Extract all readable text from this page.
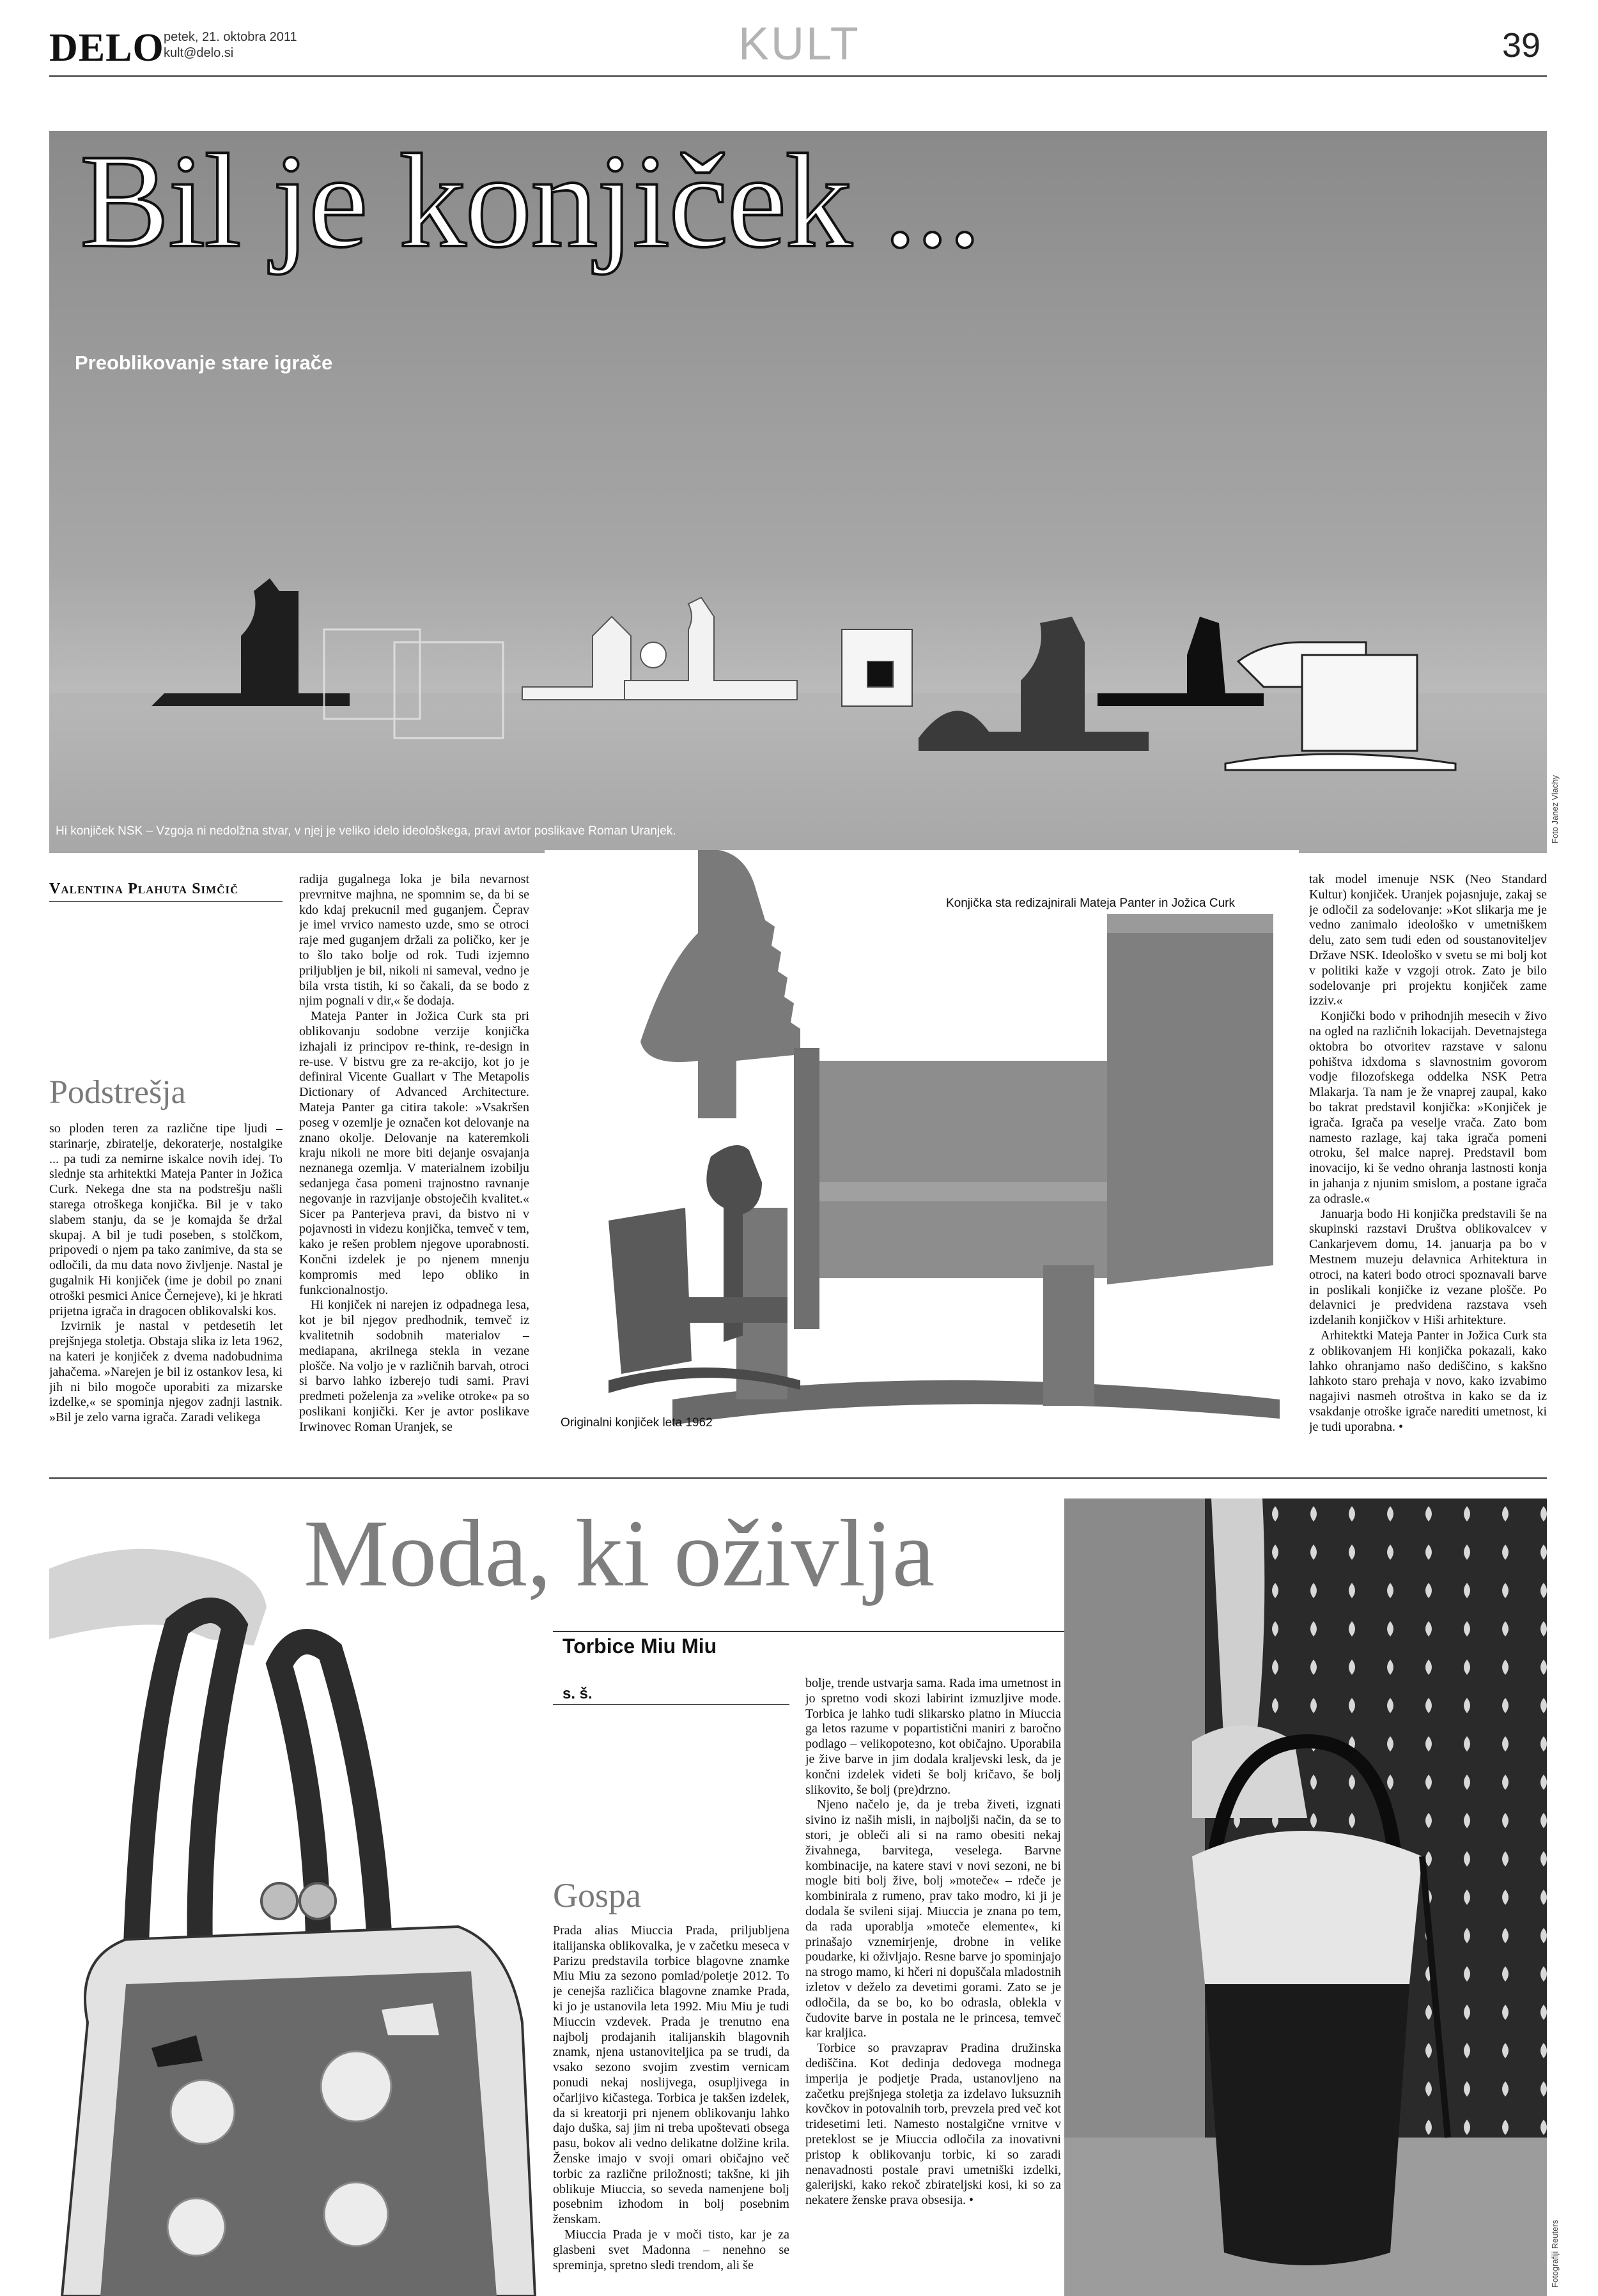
DELO petek, 21. oktobra 2011
kult@delo.si	KULT	39
Bil je konjiček ...
Preoblikovanje stare igrače
Hi konjiček NSK – Vzgoja ni nedolžna stvar, v njej je veliko idelo ideološkega, pravi avtor poslikave Roman Uranjek.	Foto Janez Vlachy
Valentina Plahuta Simčič
Podstrešja

so ploden teren za različne tipe ljudi – starinarje, zbiratelje, dekoraterje, nostalgike ... pa tudi za nemirne iskalce novih idej. To slednje sta arhitektki Mateja Panter in Jožica Curk. Nekega dne sta na podstrešju našli starega otroškega konjička. Bil je v tako slabem stanju, da se je komajda še držal skupaj. A bil je tudi poseben, s stolčkom, pripovedi o njem pa tako zanimive, da sta se odločili, da mu data novo življenje. Nastal je gugalnik Hi konjiček (ime je dobil po znani otroški pesmici Anice Černejeve), ki je hkrati prijetna igrača in dragocen oblikovalski kos.

Izvirnik je nastal v petdesetih let prejšnjega stoletja. Obstaja slika iz leta 1962, na kateri je konjiček z dvema nadobudnima jahačema. »Narejen je bil iz ostankov lesa, ki jih ni bilo mogoče uporabiti za mizarske izdelke,« se spominja njegov zadnji lastnik. »Bil je zelo varna igrača. Zaradi velikega

radija gugalnega loka je bila nevarnost prevrnitve majhna, ne spomnim se, da bi se kdo kdaj prekucnil med guganjem. Čeprav je imel vrvico namesto uzde, smo se otroci raje med guganjem držali za poličko, ker je to šlo tako bolje od rok. Tudi izjemno priljubljen je bil, nikoli ni sameval, vedno je bila vrsta tistih, ki so čakali, da se bodo z njim pognali v dir,« še dodaja.

Mateja Panter in Jožica Curk sta pri oblikovanju sodobne verzije konjička izhajali iz principov re-think, re-design in re-use. V bistvu gre za re-akcijo, kot jo je definiral Vicente Guallart v The Metapolis Dictionary of Advanced Architecture. Mateja Panter ga citira takole: »Vsakršen poseg v ozemlje je označen kot delovanje na znano okolje. Delovanje na kateremkoli kraju nikoli ne more biti dejanje osvajanja neznanega ozemlja. V materialnem izobilju sedanjega časa pomeni trajnostno ravnanje negovanje in razvijanje obstoječih kvalitet.« Sicer pa Panterjeva pravi, da bistvo ni v pojavnosti in videzu konjička, temveč v tem, kako je rešen problem njegove uporabnosti. Končni izdelek je po njenem mnenju kompromis med lepo obliko in funkcionalnostjo.

Hi konjiček ni narejen iz odpadnega lesa, kot je bil njegov predhodnik, temveč iz kvalitetnih sodobnih materialov – mediapana, akrilnega stekla in vezane plošče. Na voljo je v različnih barvah, otroci si barvo lahko izberejo tudi sami. Pravi predmeti poželenja za »velike otroke« pa so poslikani konjički. Ker je avtor poslikave Irwinovec Roman Uranjek, se

Konjička sta redizajnirali Mateja Panter in Jožica Curk
Originalni konjiček leta 1962

tak model imenuje NSK (Neo Standard Kultur) konjiček. Uranjek pojasnjuje, zakaj se je odločil za sodelovanje: »Kot slikarja me je vedno zanimalo ideološko v umetniškem delu, zato sem tudi eden od soustanoviteljev Države NSK. Ideološko v svetu se mi bolj kot v politiki kaže v vzgoji otrok. Zato je bilo sodelovanje pri projektu konjiček zame izziv.«

Konjički bodo v prihodnjih mesecih v živo na ogled na različnih lokacijah. Devetnajstega oktobra bo otvoritev razstave v salonu pohištva idxdoma s slavnostnim govorom vodje filozofskega oddelka NSK Petra Mlakarja. Ta nam je že vnaprej zaupal, kako bo takrat predstavil konjička: »Konjiček je igrača. Igrača pa veselje vrača. Zato bom namesto razlage, kaj taka igrača pomeni otroku, šel malce naprej. Predstavil bom inovacijo, ki še vedno ohranja lastnosti konja in jahanja z njunim smislom, a postane igrača za odrasle.«

Januarja bodo Hi konjička predstavili še na skupinski razstavi Društva oblikovalcev v Cankarjevem domu, 14. januarja pa bo v Mestnem muzeju delavnica Arhitektura in otroci, na kateri bodo otroci spoznavali barve in poslikali konjičke iz vezane plošče. Po delavnici je predvidena razstava vseh izdelanih konjičkov v Hiši arhitekture.

Arhitektki Mateja Panter in Jožica Curk sta z oblikovanjem Hi konjička pokazali, kako lahko ohranjamo našo dediščino, s kakšno lahkoto staro prehaja v novo, kako izvabimo nagajivi nasmeh otroštva in kako se da iz vsakdanje otroške igrače narediti umetnost, ki je tudi uporabna. •

Moda, ki oživlja
Torbice Miu Miu
s. š.
Gospa

Prada alias Miuccia Prada, priljubljena italijanska oblikovalka, je v začetku meseca v Parizu predstavila torbice blagovne znamke Miu Miu za sezono pomlad/poletje 2012. To je cenejša različica blagovne znamke Prada, ki jo je ustanovila leta 1992. Miu Miu je tudi Miuccin vzdevek. Prada je trenutno ena najbolj prodajanih italijanskih blagovnih znamk, njena ustanoviteljica pa se trudi, da vsako sezono svojim zvestim vernicam ponudi nekaj noslijvega, osupljivega in očarljivo kičastega. Torbica je takšen izdelek, da si kreatorji pri njenem oblikovanju lahko dajo duška, saj jim ni treba upoštevati obsega pasu, bokov ali vedno delikatne dolžine krila. Ženske imajo v svoji omari običajno več torbic za različne priložnosti; takšne, ki jih oblikuje Miuccia, so seveda namenjene bolj posebnim izhodom in bolj posebnim ženskam.

Miuccia Prada je v moči tisto, kar je za glasbeni svet Madonna – nenehno se spreminja, spretno sledi trendom, ali še

bolje, trende ustvarja sama. Rada ima umetnost in jo spretno vodi skozi labirint izmuzljive mode. Torbica je lahko tudi slikarsko platno in Miuccia ga letos razume v popartistični maniri z baročno podlago – velikopoteзno, kot običajno. Uporabila je žive barve in jim dodala kraljevski lesk, da je končni izdelek videti še bolj kričavo, še bolj slikovito, še bolj (pre)drzno.

Njeno načelo je, da je treba živeti, izgnati sivino iz naših misli, in najboljši način, da se to stori, je obleči ali si na ramo obesiti nekaj živahnega, barvitega, veselega. Barvne kombinacije, na katere stavi v novi sezoni, ne bi mogle biti bolj žive, bolj »moteče« – rdeče je kombinirala z rumeno, prav tako modro, ki ji je dodala še svileni sijaj. Miuccia je znana po tem, da rada uporablja »moteče elemente«, ki prinašajo vznemirjenje, drobne in velike poudarke, ki oživljajo. Resne barve jo spominjajo na strogo mamo, ki hčeri ni dopuščala mladostnih izletov v deželo za devetimi gorami. Zato se je odločila, da se bo, ko bo odrasla, oblekla v čudovite barve in postala ne le princesa, temveč kar kraljica.

Torbice so pravzaprav Pradina družinska dediščina. Kot dedinja dedovega modnega imperija je podjetje Prada, ustanovljeno na začetku prejšnjega stoletja za izdelavo luksuznih kovčkov in potovalnih torb, prevzela pred več kot tridesetimi leti. Namesto nostalgične vrnitve v preteklost se je Miuccia odločila za inovativni pristop k oblikovanju torbic, ki so zaradi nenavadnosti postale pravi umetniški izdelki, galerijski, kako rekoč zbirateljski kosi, ki so za nekatere ženske prava obsesija. •

Fotografiji Reuters
